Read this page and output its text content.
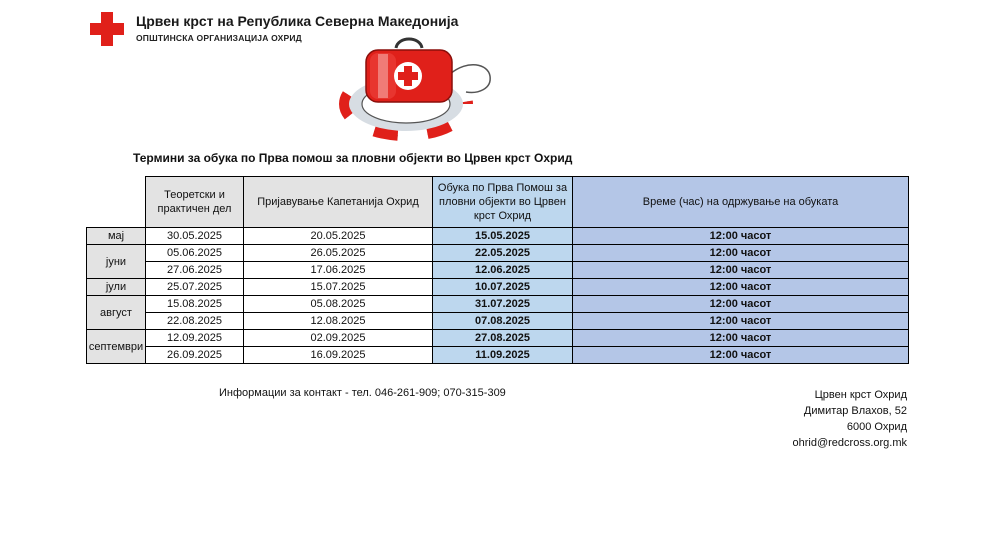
Црвен крст на Република Северна Македонија
ОПШТИНСКА ОРГАНИЗАЦИЈА ОХРИД
Термини за обука по Прва помош за пловни објекти во Црвен крст Охрид
	Теоретски и практичен дел	Пријавување Капетанија Охрид	Обука по Прва Помош за пловни објекти во Црвен крст Охрид	Време (час) на одржување на обуката
мај	30.05.2025	20.05.2025	15.05.2025	12:00 часот
јуни	05.06.2025	26.05.2025	22.05.2025	12:00 часот
	27.06.2025	17.06.2025	12.06.2025	12:00 часот
јули	25.07.2025	15.07.2025	10.07.2025	12:00 часот
август	15.08.2025	05.08.2025	31.07.2025	12:00 часот
	22.08.2025	12.08.2025	07.08.2025	12:00 часот
септември	12.09.2025	02.09.2025	27.08.2025	12:00 часот
	26.09.2025	16.09.2025	11.09.2025	12:00 часот
Информации за контакт - тел. 046-261-909; 070-315-309	Црвен крст Охрид
Димитар Влахов, 52
6000 Охрид
ohrid@redcross.org.mk
